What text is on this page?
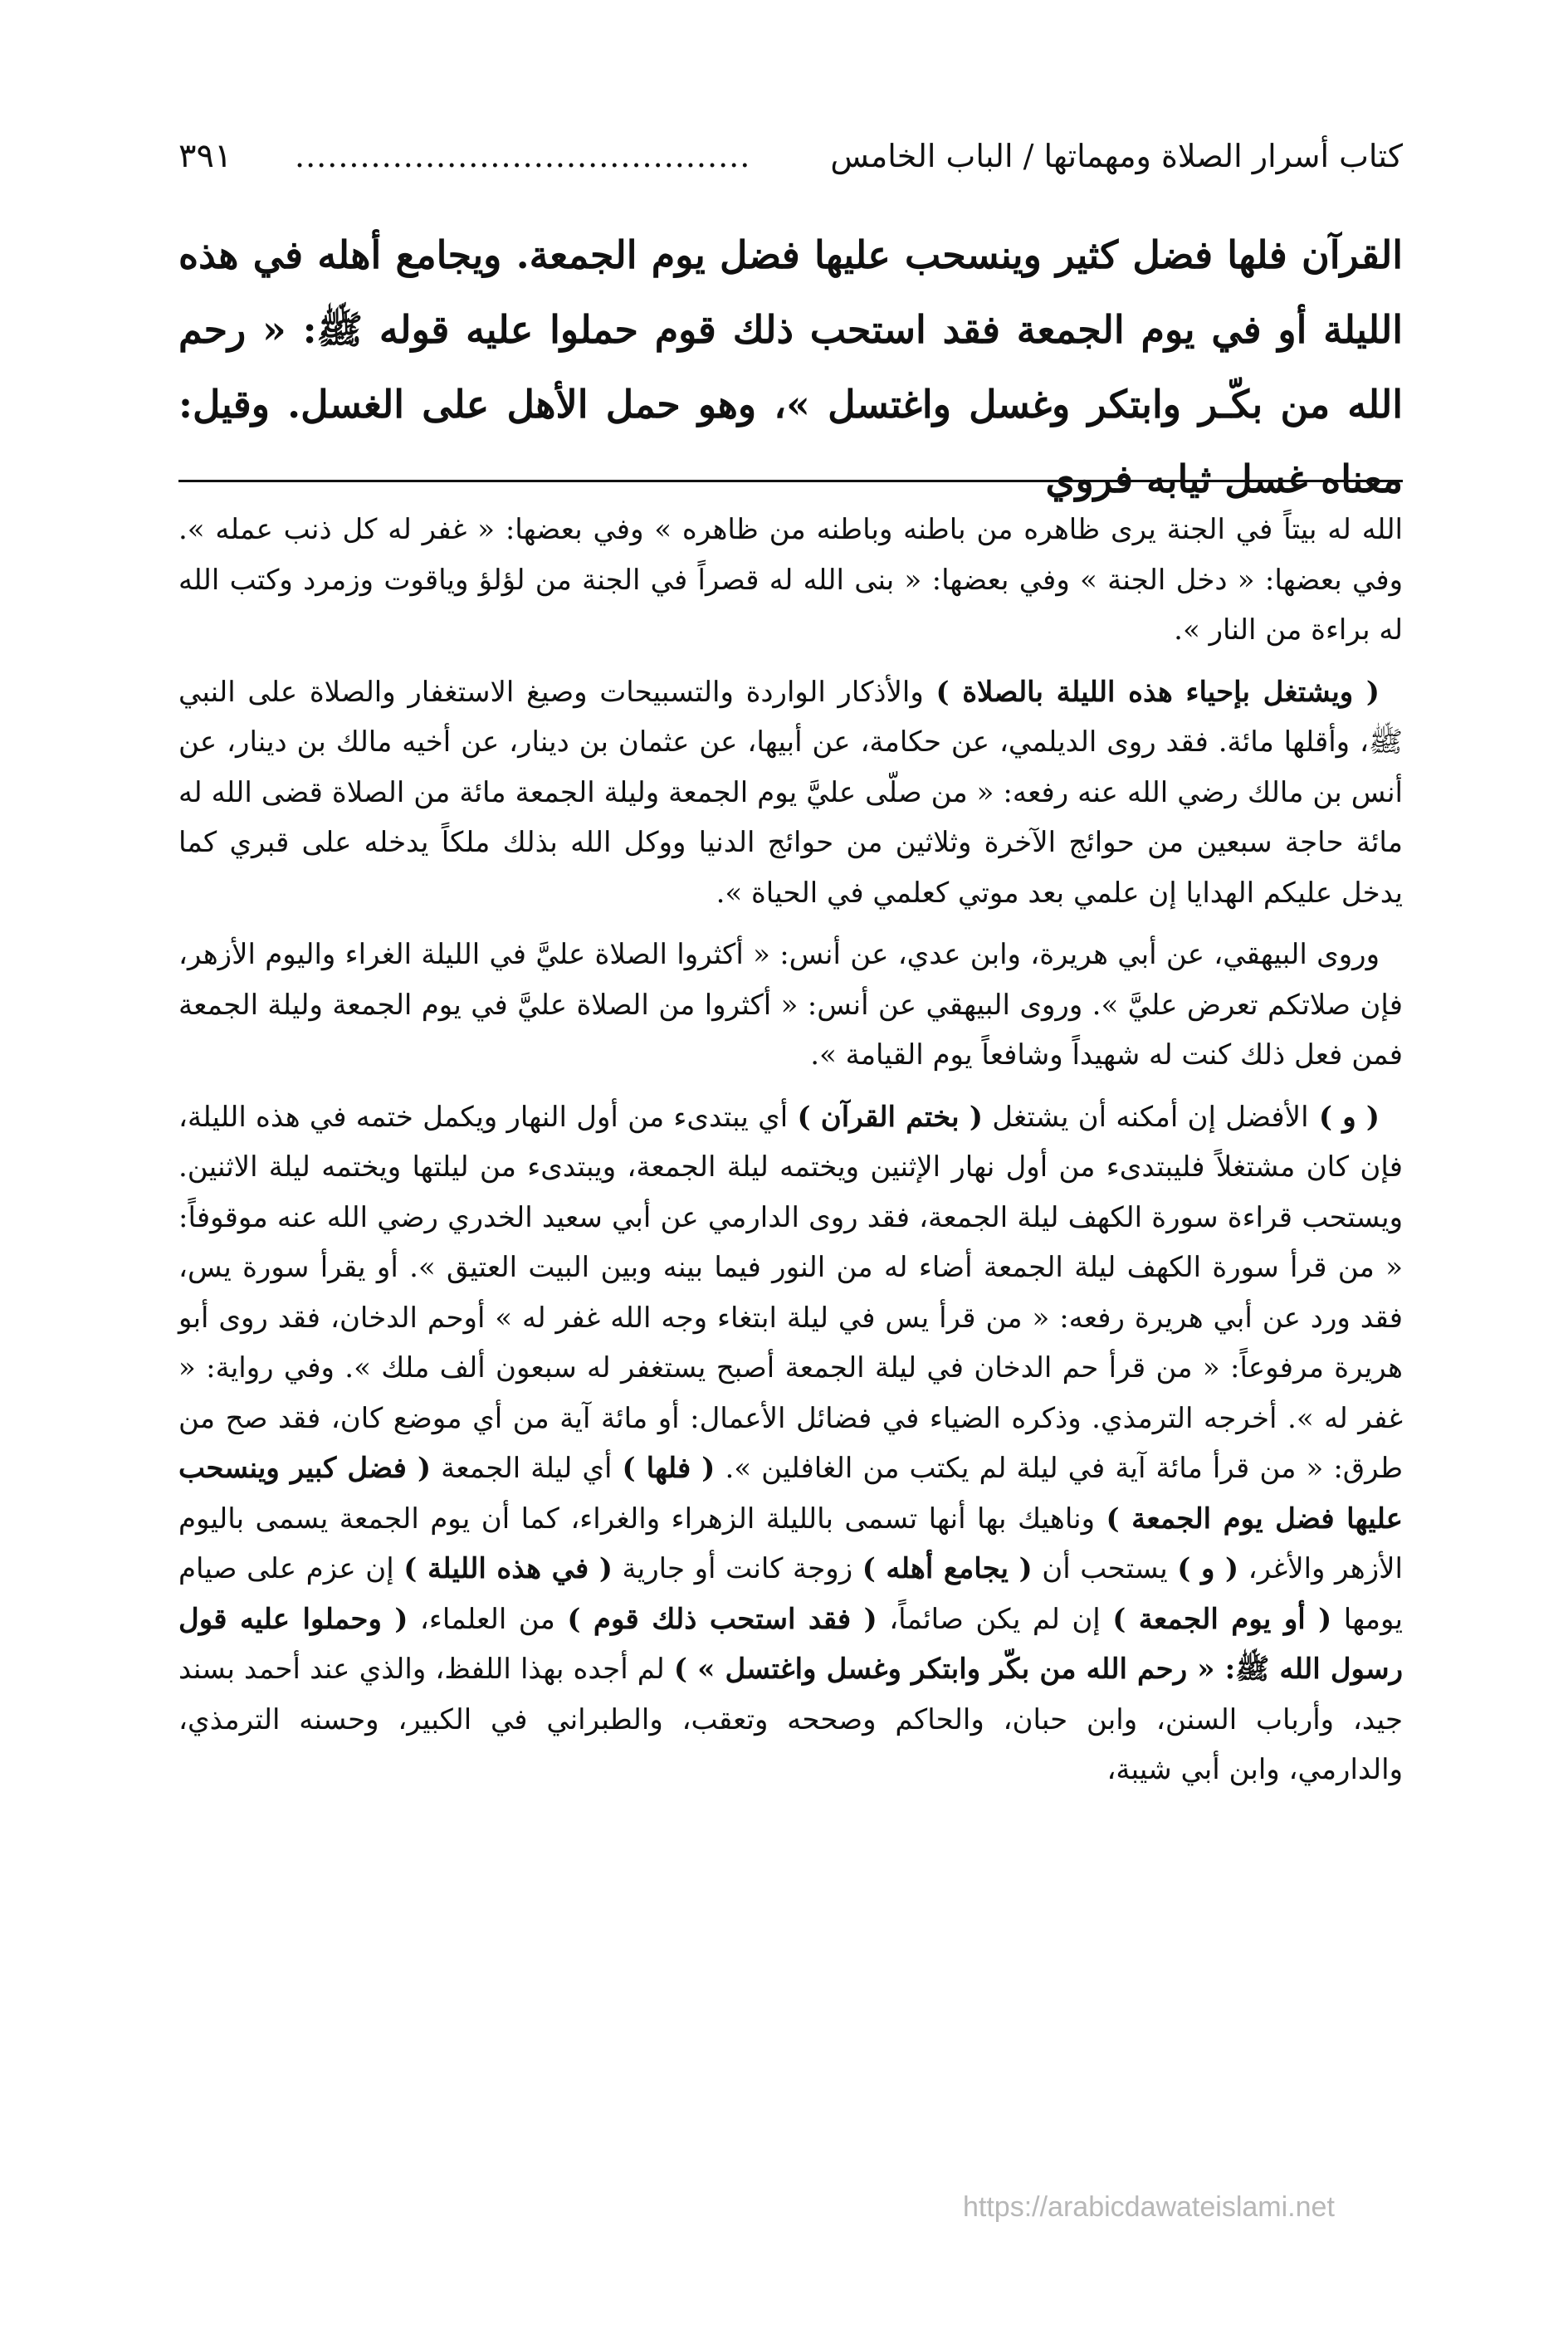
كتاب أسرار الصلاة ومهماتها / الباب الخامس
..........................................
٣٩١

القرآن فلها فضل كثير وينسحب عليها فضل يوم الجمعة. ويجامع أهله في هذه الليلة أو في يوم الجمعة فقد استحب ذلك قوم حملوا عليه قوله ﷺ: « رحم الله من بكّـر وابتكر وغسل واغتسل »، وهو حمل الأهل على الغسل. وقيل: معناه غسل ثيابه فروي

الله له بيتاً في الجنة يرى ظاهره من باطنه وباطنه من ظاهره » وفي بعضها: « غفر له كل ذنب عمله ». وفي بعضها: « دخل الجنة » وفي بعضها: « بنى الله له قصراً في الجنة من لؤلؤ وياقوت وزمرد وكتب الله له براءة من النار ».

( ويشتغل بإحياء هذه الليلة بالصلاة ) والأذكار الواردة والتسبيحات وصيغ الاستغفار والصلاة على النبي ﷺ، وأقلها مائة. فقد روى الديلمي، عن حكامة، عن أبيها، عن عثمان بن دينار، عن أخيه مالك بن دينار، عن أنس بن مالك رضي الله عنه رفعه: « من صلّى عليَّ يوم الجمعة وليلة الجمعة مائة من الصلاة قضى الله له مائة حاجة سبعين من حوائج الآخرة وثلاثين من حوائج الدنيا ووكل الله بذلك ملكاً يدخله على قبري كما يدخل عليكم الهدايا إن علمي بعد موتي كعلمي في الحياة ».

وروى البيهقي، عن أبي هريرة، وابن عدي، عن أنس: « أكثروا الصلاة عليَّ في الليلة الغراء واليوم الأزهر، فإن صلاتكم تعرض عليَّ ». وروى البيهقي عن أنس: « أكثروا من الصلاة عليَّ في يوم الجمعة وليلة الجمعة فمن فعل ذلك كنت له شهيداً وشافعاً يوم القيامة ».

( و ) الأفضل إن أمكنه أن يشتغل ( بختم القرآن ) أي يبتدىء من أول النهار ويكمل ختمه في هذه الليلة، فإن كان مشتغلاً فليبتدىء من أول نهار الإثنين ويختمه ليلة الجمعة، ويبتدىء من ليلتها ويختمه ليلة الاثنين. ويستحب قراءة سورة الكهف ليلة الجمعة، فقد روى الدارمي عن أبي سعيد الخدري رضي الله عنه موقوفاً: « من قرأ سورة الكهف ليلة الجمعة أضاء له من النور فيما بينه وبين البيت العتيق ». أو يقرأ سورة يس، فقد ورد عن أبي هريرة رفعه: « من قرأ يس في ليلة ابتغاء وجه الله غفر له » أوحم الدخان، فقد روى أبو هريرة مرفوعاً: « من قرأ حم الدخان في ليلة الجمعة أصبح يستغفر له سبعون ألف ملك ». وفي رواية: « غفر له ». أخرجه الترمذي. وذكره الضياء في فضائل الأعمال: أو مائة آية من أي موضع كان، فقد صح من طرق: « من قرأ مائة آية في ليلة لم يكتب من الغافلين ». ( فلها ) أي ليلة الجمعة ( فضل كبير وينسحب عليها فضل يوم الجمعة ) وناهيك بها أنها تسمى بالليلة الزهراء والغراء، كما أن يوم الجمعة يسمى باليوم الأزهر والأغر، ( و ) يستحب أن ( يجامع أهله ) زوجة كانت أو جارية ( في هذه الليلة ) إن عزم على صيام يومها ( أو يوم الجمعة ) إن لم يكن صائماً، ( فقد استحب ذلك قوم ) من العلماء، ( وحملوا عليه قول رسول الله ﷺ: « رحم الله من بكّر وابتكر وغسل واغتسل » ) لم أجده بهذا اللفظ، والذي عند أحمد بسند جيد، وأرباب السنن، وابن حبان، والحاكم وصححه وتعقب، والطبراني في الكبير، وحسنه الترمذي، والدارمي، وابن أبي شيبة،

https://arabicdawateislami.net
